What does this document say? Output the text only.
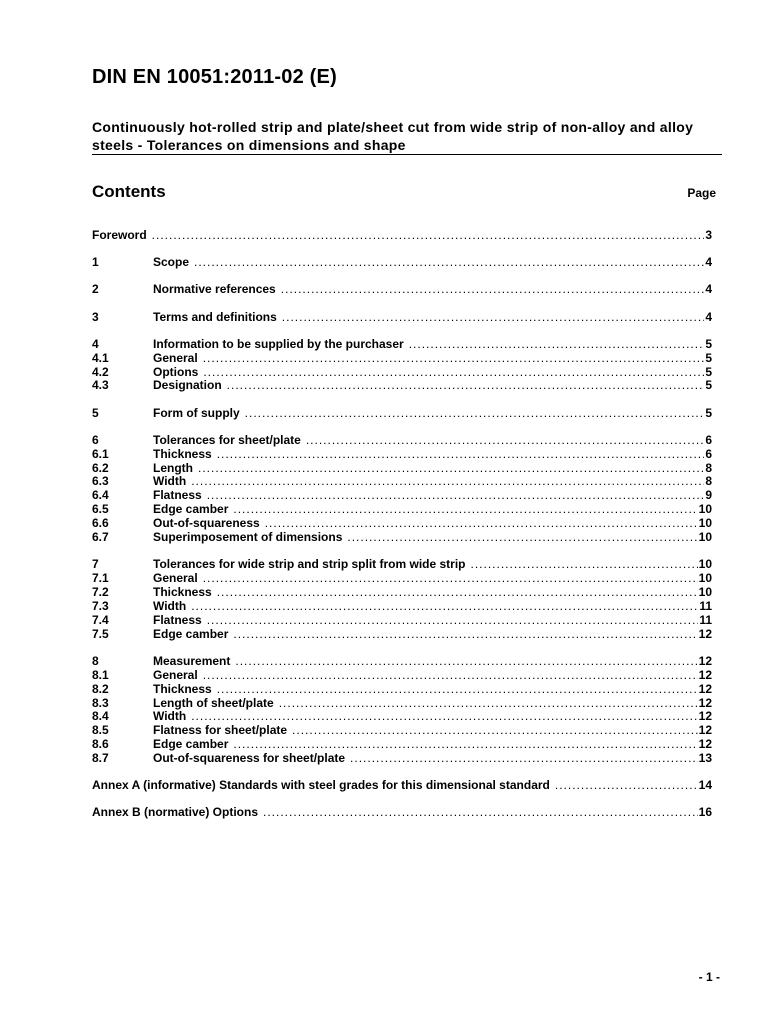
DIN EN 10051:2011-02 (E)
Continuously hot-rolled strip and plate/sheet cut from wide strip of non-alloy and alloy steels - Tolerances on dimensions and shape
Contents	Page
Foreword .....	3
1	Scope .....	4
2	Normative references .....	4
3	Terms and definitions .....	4
4	Information to be supplied by the purchaser .....	5
4.1	General .....	5
4.2	Options .....	5
4.3	Designation .....	5
5	Form of supply .....	5
6	Tolerances for sheet/plate .....	6
6.1	Thickness .....	6
6.2	Length .....	8
6.3	Width .....	8
6.4	Flatness .....	9
6.5	Edge camber .....	10
6.6	Out-of-squareness .....	10
6.7	Superimposement of dimensions .....	10
7	Tolerances for wide strip and strip split from wide strip .....	10
7.1	General .....	10
7.2	Thickness .....	10
7.3	Width .....	11
7.4	Flatness .....	11
7.5	Edge camber .....	12
8	Measurement .....	12
8.1	General .....	12
8.2	Thickness .....	12
8.3	Length of sheet/plate .....	12
8.4	Width .....	12
8.5	Flatness for sheet/plate .....	12
8.6	Edge camber .....	12
8.7	Out-of-squareness for sheet/plate .....	13
Annex A (informative) Standards with steel grades for this dimensional standard .....	14
Annex B (normative) Options .....	16
- 1 -
